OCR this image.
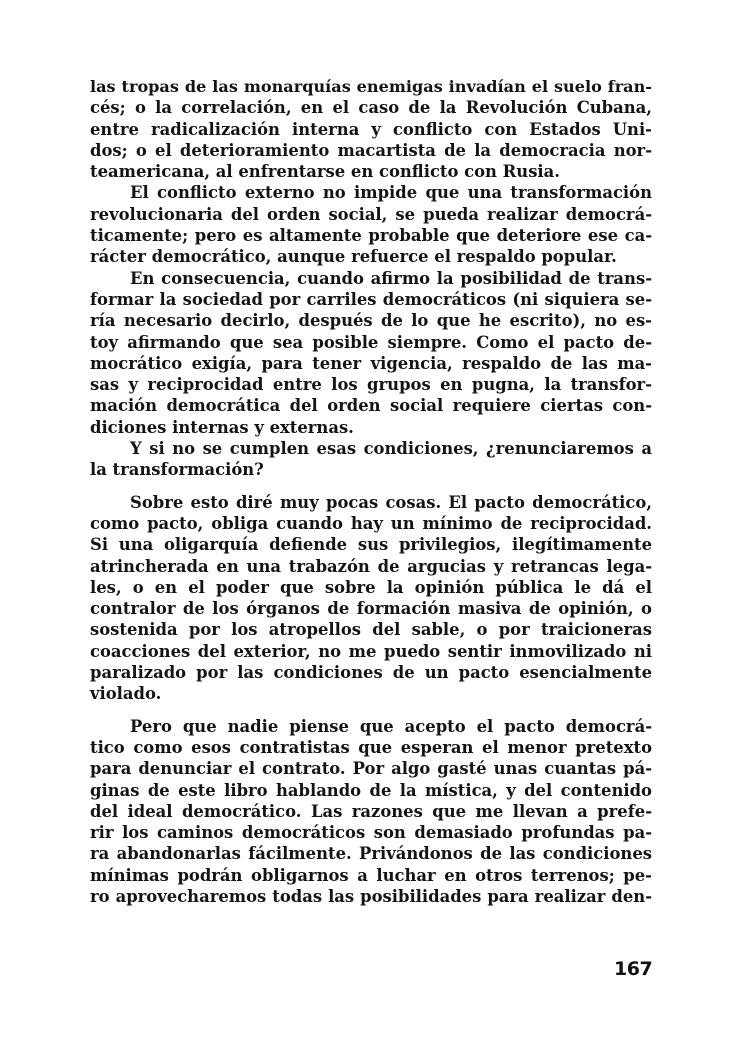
las tropas de las monarquías enemigas invadían el suelo fran-
cés; o la correlación, en el caso de la Revolución Cubana,
entre radicalización interna y conflicto con Estados Uni-
dos; o el deterioramiento macartista de la democracia nor-
teamericana, al enfrentarse en conflicto con Rusia.
El conflicto externo no impide que una transformación
revolucionaria del orden social, se pueda realizar democrá-
ticamente; pero es altamente probable que deteriore ese ca-
rácter democrático, aunque refuerce el respaldo popular.
En consecuencia, cuando afirmo la posibilidad de trans-
formar la sociedad por carriles democráticos (ni siquiera se-
ría necesario decirlo, después de lo que he escrito), no es-
toy afirmando que sea posible siempre. Como el pacto de-
mocrático exigía, para tener vigencia, respaldo de las ma-
sas y reciprocidad entre los grupos en pugna, la transfor-
mación democrática del orden social requiere ciertas con-
diciones internas y externas.
Y si no se cumplen esas condiciones, ¿renunciaremos a
la transformación?
Sobre esto diré muy pocas cosas. El pacto democrático,
como pacto, obliga cuando hay un mínimo de reciprocidad.
Si una oligarquía defiende sus privilegios, ilegítimamente
atrincherada en una trabazón de argucias y retrancas lega-
les, o en el poder que sobre la opinión pública le dá el
contralor de los órganos de formación masiva de opinión, o
sostenida por los atropellos del sable, o por traicioneras
coacciones del exterior, no me puedo sentir inmovilizado ni
paralizado por las condiciones de un pacto esencialmente
violado.
Pero que nadie piense que acepto el pacto democrá-
tico como esos contratistas que esperan el menor pretexto
para denunciar el contrato. Por algo gasté unas cuantas pá-
ginas de este libro hablando de la mística, y del contenido
del ideal democrático. Las razones que me llevan a prefe-
rir los caminos democráticos son demasiado profundas pa-
ra abandonarlas fácilmente. Privándonos de las condiciones
mínimas podrán obligarnos a luchar en otros terrenos; pe-
ro aprovecharemos todas las posibilidades para realizar den-
167
